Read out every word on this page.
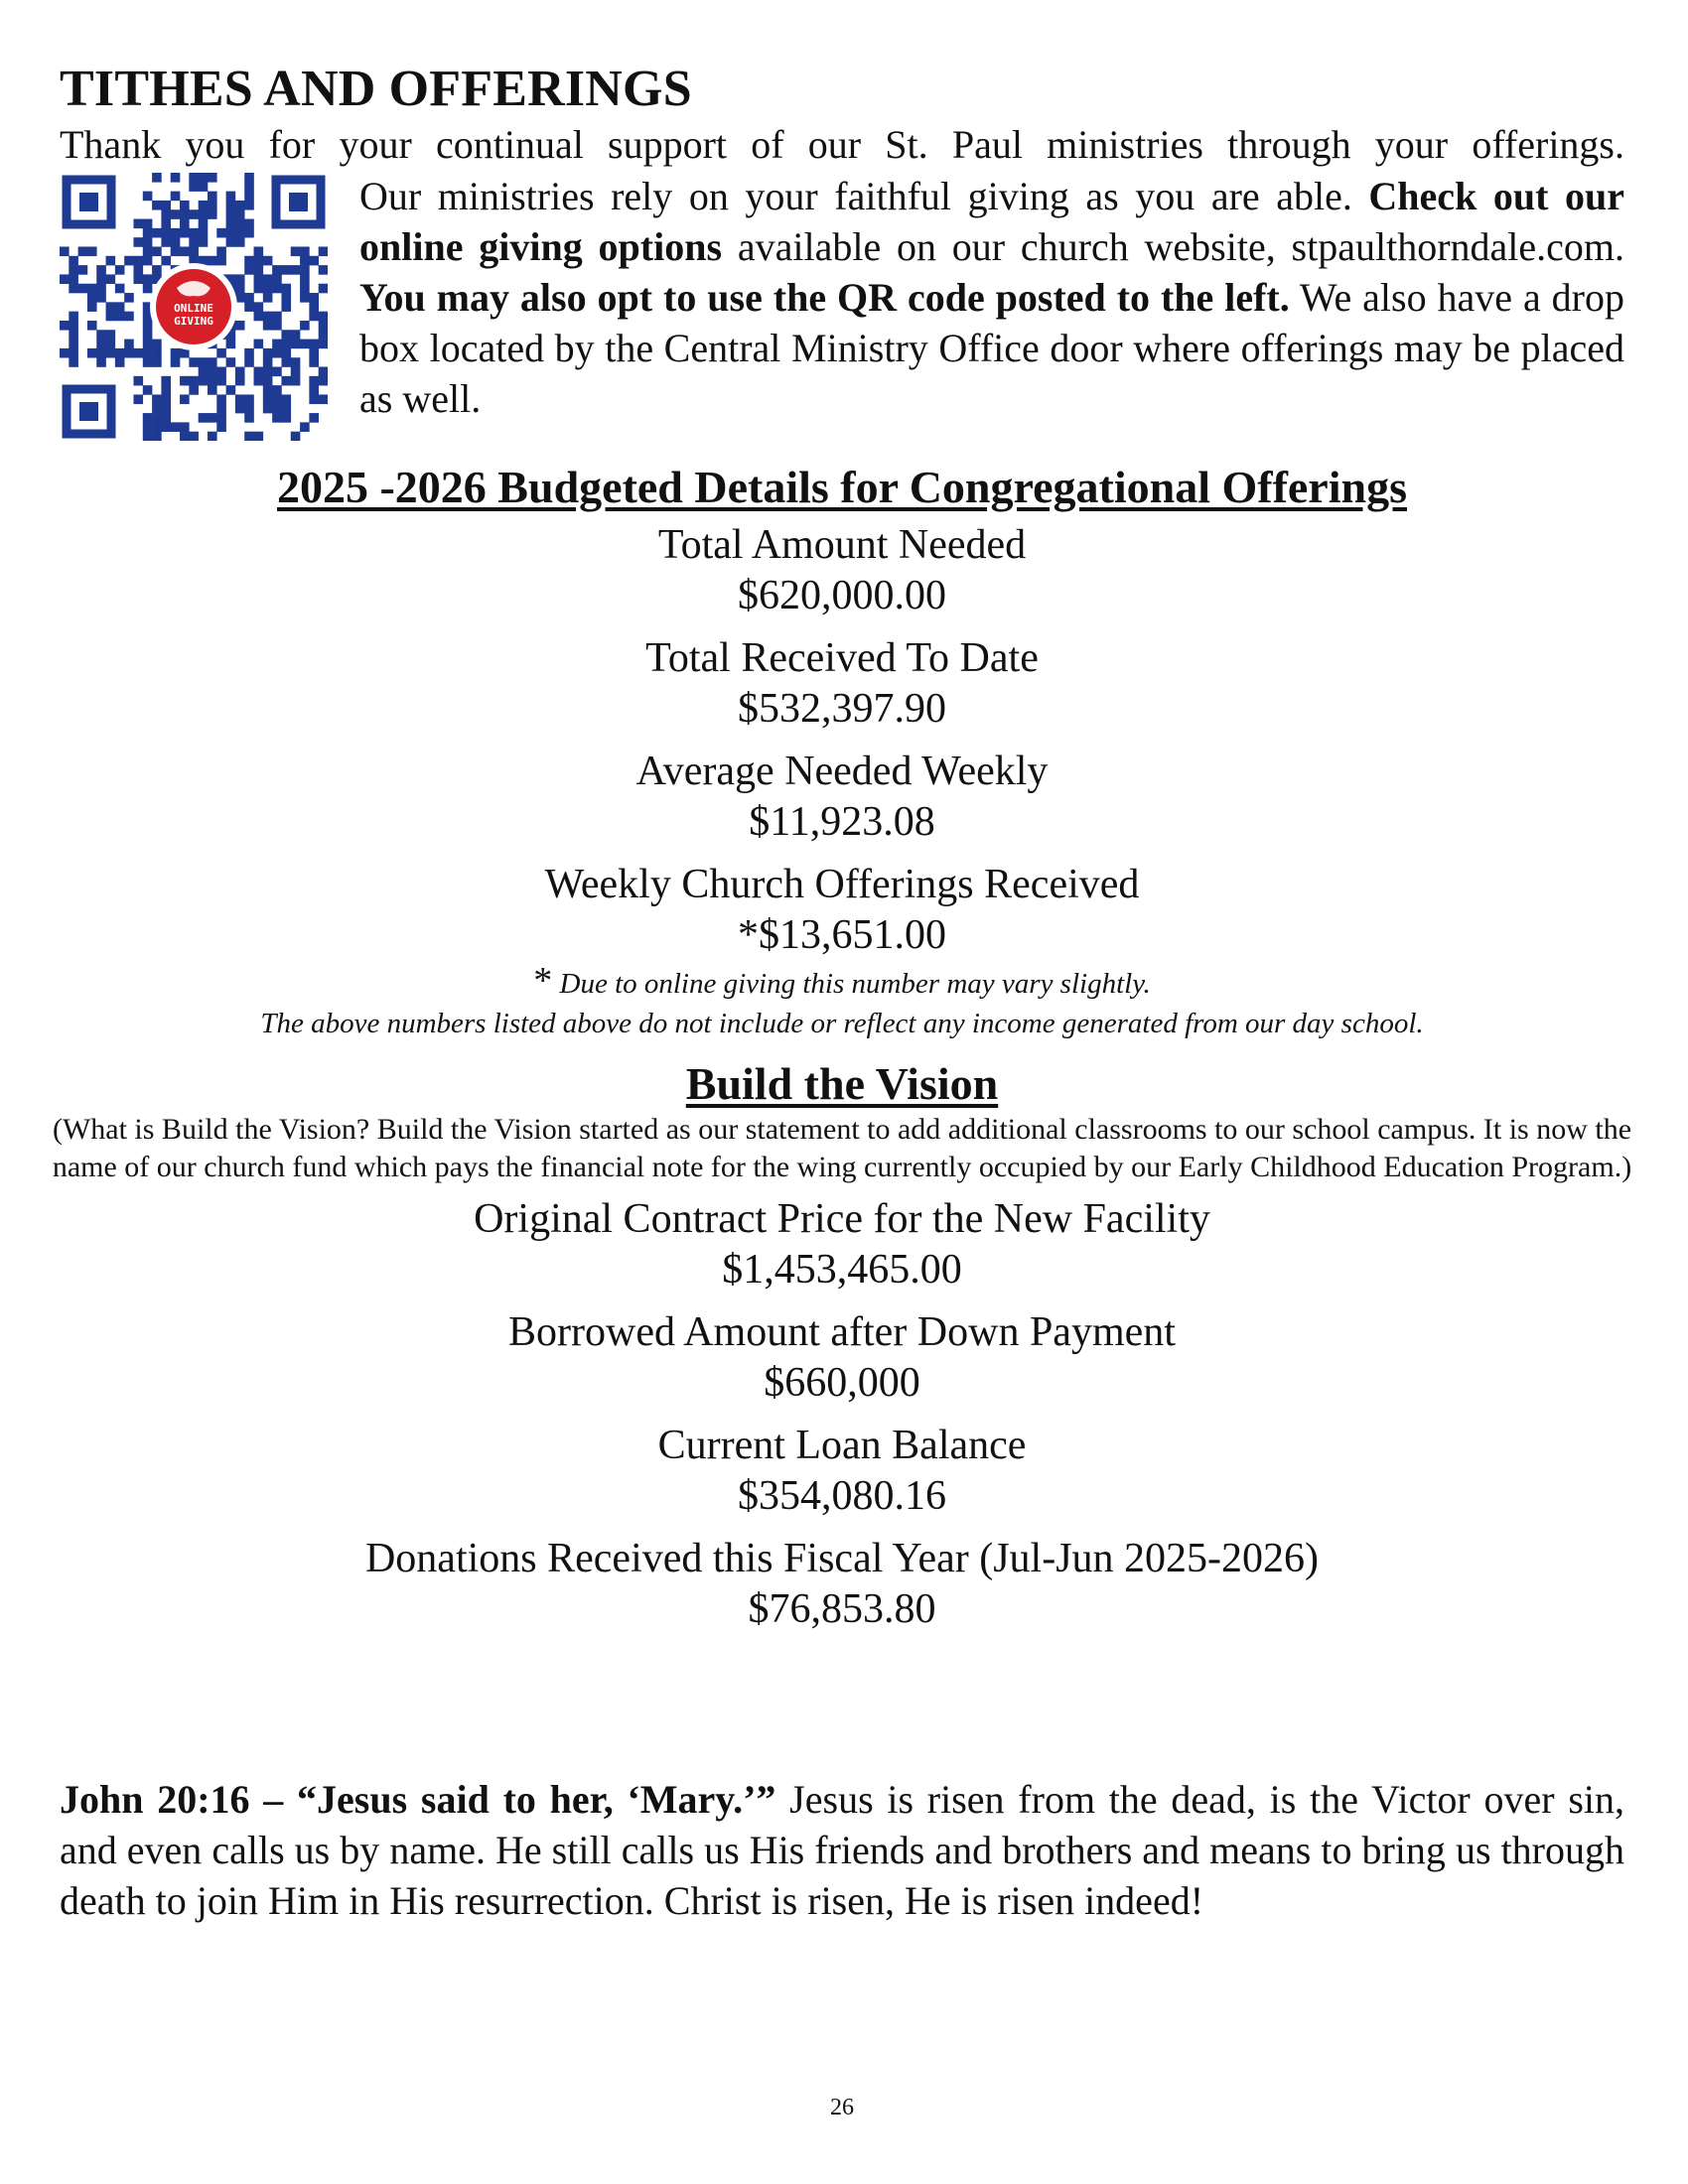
TITHES AND OFFERINGS

Thank you for your continual support of our St. Paul ministries through your offerings.

ONLINE
GIVING
Our ministries rely on your faithful giving as you are able. Check out our online giving options available on our church website, stpaulthorndale.com. You may also opt to use the QR code posted to the left. We also have a drop box located by the Central Ministry Office door where offerings may be placed as well.
2025 -2026 Budgeted Details for Congregational Offerings

Total Amount Needed

$620,000.00

Total Received To Date

$532,397.90

Average Needed Weekly

$11,923.08

Weekly Church Offerings Received

*$13,651.00

* Due to online giving this number may vary slightly.

The above numbers listed above do not include or reflect any income generated from our day school.

Build the Vision

(What is Build the Vision? Build the Vision started as our statement to add additional classrooms to our school campus. It is now the name of our church fund which pays the financial note for the wing currently occupied by our Early Childhood Education Program.)

Original Contract Price for the New Facility

$1,453,465.00

Borrowed Amount after Down Payment

$660,000

Current Loan Balance

$354,080.16

Donations Received this Fiscal Year (Jul-Jun 2025-2026)

$76,853.80

John 20:16 – “Jesus said to her, ‘Mary.’” Jesus is risen from the dead, is the Victor over sin, and even calls us by name. He still calls us His friends and brothers and means to bring us through death to join Him in His resurrection. Christ is risen, He is risen indeed!

26
